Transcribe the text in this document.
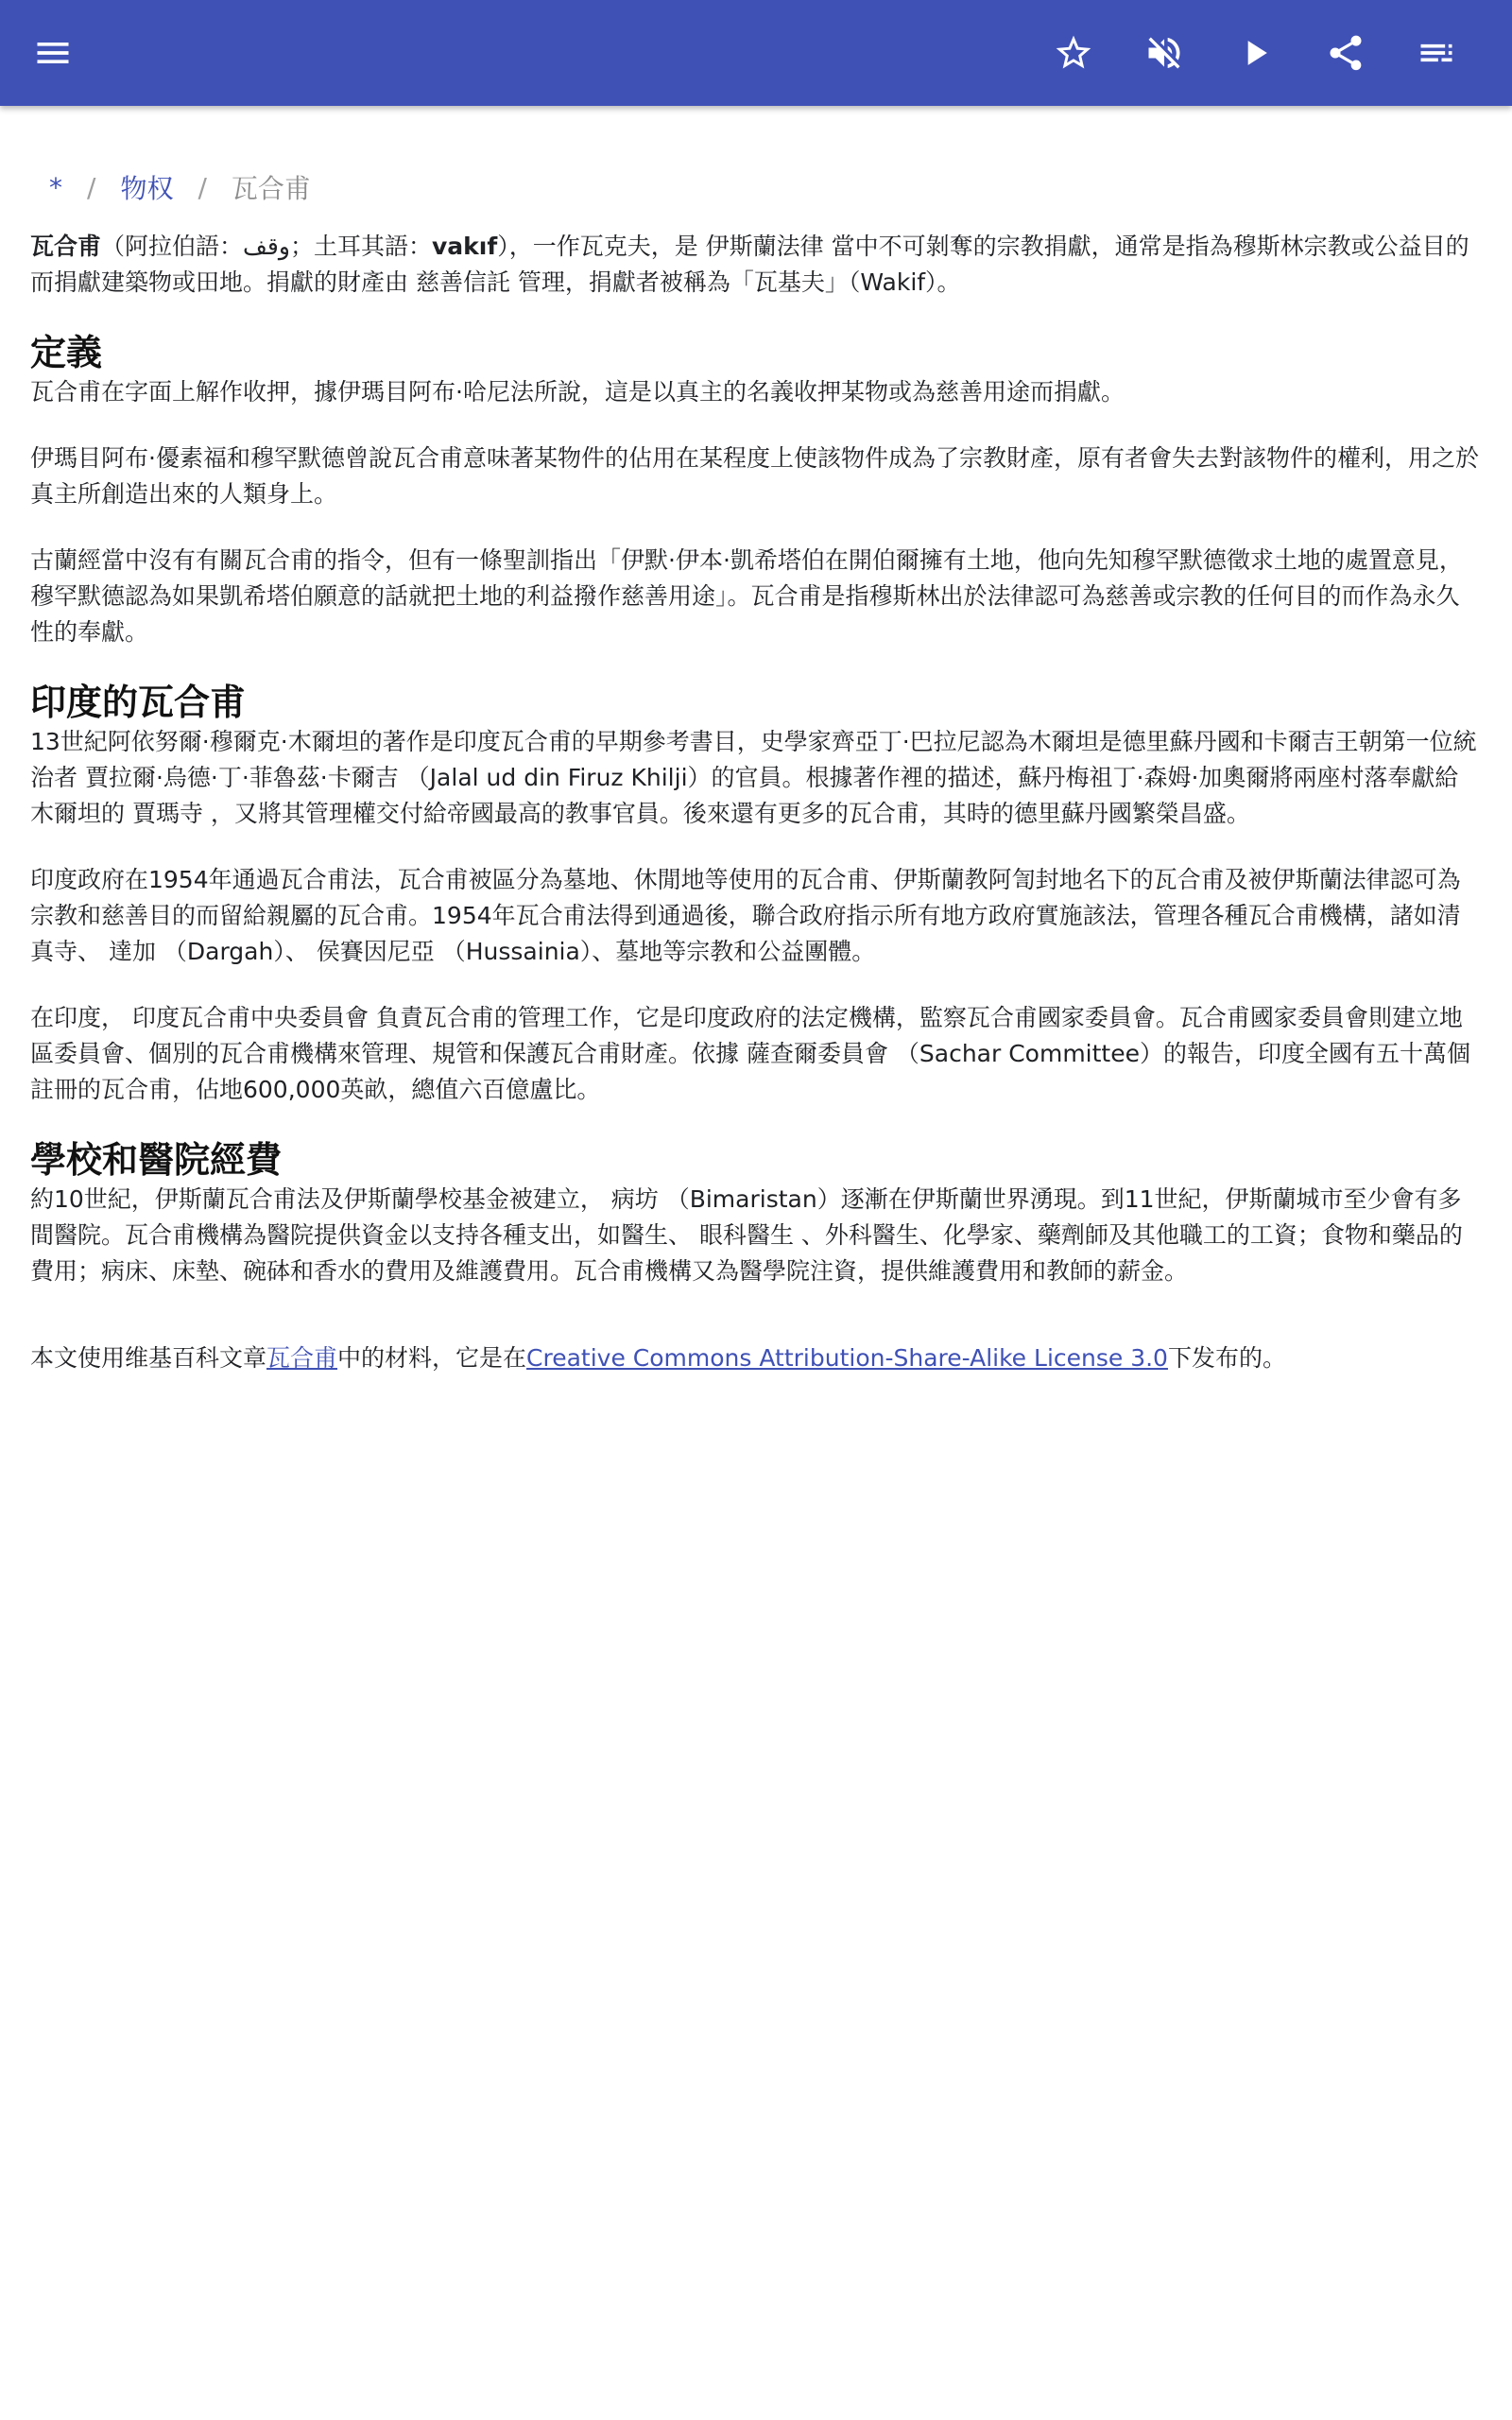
* / 物权 / 瓦合甫

瓦合甫（阿拉伯語：وقف；土耳其語：vakıf），一作瓦克夫，是 伊斯蘭法律 當中不可剝奪的宗教捐獻，通常是指為穆斯林宗教或公益目的而捐獻建築物或田地。捐獻的財產由 慈善信託 管理，捐獻者被稱為「瓦基夫」（Wakif）。

定義

瓦合甫在字面上解作收押，據伊瑪目阿布·哈尼法所說，這是以真主的名義收押某物或為慈善用途而捐獻。

伊瑪目阿布·優素福和穆罕默德曾說瓦合甫意味著某物件的佔用在某程度上使該物件成為了宗教財產，原有者會失去對該物件的權利，用之於真主所創造出來的人類身上。

古蘭經當中沒有有關瓦合甫的指令，但有一條聖訓指出「伊默·伊本·凱希塔伯在開伯爾擁有土地，他向先知穆罕默德徵求土地的處置意見，穆罕默德認為如果凱希塔伯願意的話就把土地的利益撥作慈善用途」。瓦合甫是指穆斯林出於法律認可為慈善或宗教的任何目的而作為永久性的奉獻。

印度的瓦合甫

13世紀阿依努爾·穆爾克·木爾坦的著作是印度瓦合甫的早期參考書目，史學家齊亞丁·巴拉尼認為木爾坦是德里蘇丹國和卡爾吉王朝第一位統治者 賈拉爾·烏德·丁·菲魯茲·卡爾吉 （Jalal ud din Firuz Khilji）的官員。根據著作裡的描述，蘇丹梅祖丁·森姆·加奧爾將兩座村落奉獻給木爾坦的 賈瑪寺 ，又將其管理權交付給帝國最高的教事官員。後來還有更多的瓦合甫，其時的德里蘇丹國繁榮昌盛。

印度政府在1954年通過瓦合甫法，瓦合甫被區分為墓地、休閒地等使用的瓦合甫、伊斯蘭教阿訇封地名下的瓦合甫及被伊斯蘭法律認可為宗教和慈善目的而留給親屬的瓦合甫。1954年瓦合甫法得到通過後，聯合政府指示所有地方政府實施該法，管理各種瓦合甫機構，諸如清真寺、 達加 （Dargah）、 侯賽因尼亞 （Hussainia）、墓地等宗教和公益團體。

在印度， 印度瓦合甫中央委員會 負責瓦合甫的管理工作，它是印度政府的法定機構，監察瓦合甫國家委員會。瓦合甫國家委員會則建立地區委員會、個別的瓦合甫機構來管理、規管和保護瓦合甫財產。依據 薩查爾委員會 （Sachar Committee）的報告，印度全國有五十萬個註冊的瓦合甫，佔地600,000英畝，總值六百億盧比。

學校和醫院經費

約10世紀，伊斯蘭瓦合甫法及伊斯蘭學校基金被建立， 病坊 （Bimaristan）逐漸在伊斯蘭世界湧現。到11世紀，伊斯蘭城市至少會有多間醫院。瓦合甫機構為醫院提供資金以支持各種支出，如醫生、 眼科醫生 、外科醫生、化學家、藥劑師及其他職工的工資；食物和藥品的費用；病床、床墊、碗砵和香水的費用及維護費用。瓦合甫機構又為醫學院注資，提供維護費用和教師的薪金。

本文使用维基百科文章瓦合甫中的材料，它是在Creative Commons Attribution-Share-Alike License 3.0下发布的。
